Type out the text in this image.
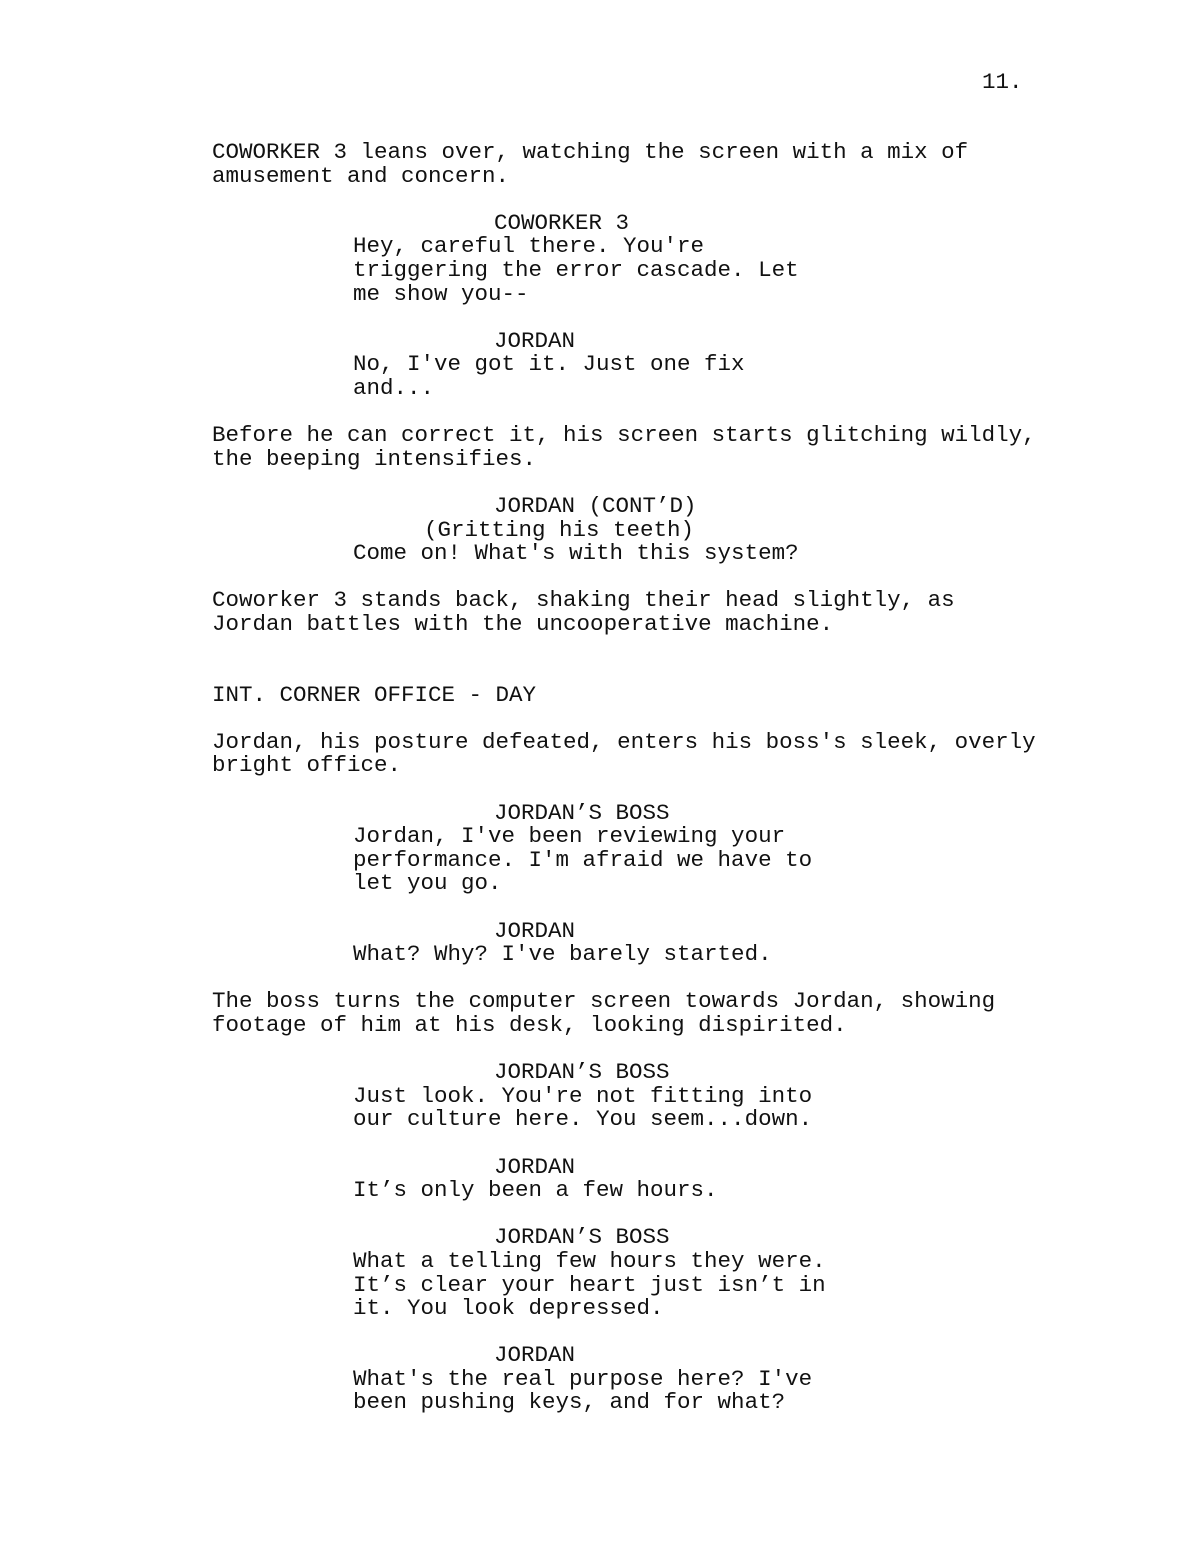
11.
COWORKER 3 leans over, watching the screen with a mix of
amusement and concern.
COWORKER 3
Hey, careful there. You're
triggering the error cascade. Let
me show you--
JORDAN
No, I've got it. Just one fix
and...
Before he can correct it, his screen starts glitching wildly,
the beeping intensifies.
JORDAN (CONT’D)
(Gritting his teeth)
Come on! What's with this system?
Coworker 3 stands back, shaking their head slightly, as
Jordan battles with the uncooperative machine.
INT. CORNER OFFICE - DAY
Jordan, his posture defeated, enters his boss's sleek, overly
bright office.
JORDAN’S BOSS
Jordan, I've been reviewing your
performance. I'm afraid we have to
let you go.
JORDAN
What? Why? I've barely started.
The boss turns the computer screen towards Jordan, showing
footage of him at his desk, looking dispirited.
JORDAN’S BOSS
Just look. You're not fitting into
our culture here. You seem...down.
JORDAN
It’s only been a few hours.
JORDAN’S BOSS
What a telling few hours they were.
It’s clear your heart just isn’t in
it. You look depressed.
JORDAN
What's the real purpose here? I've
been pushing keys, and for what?
